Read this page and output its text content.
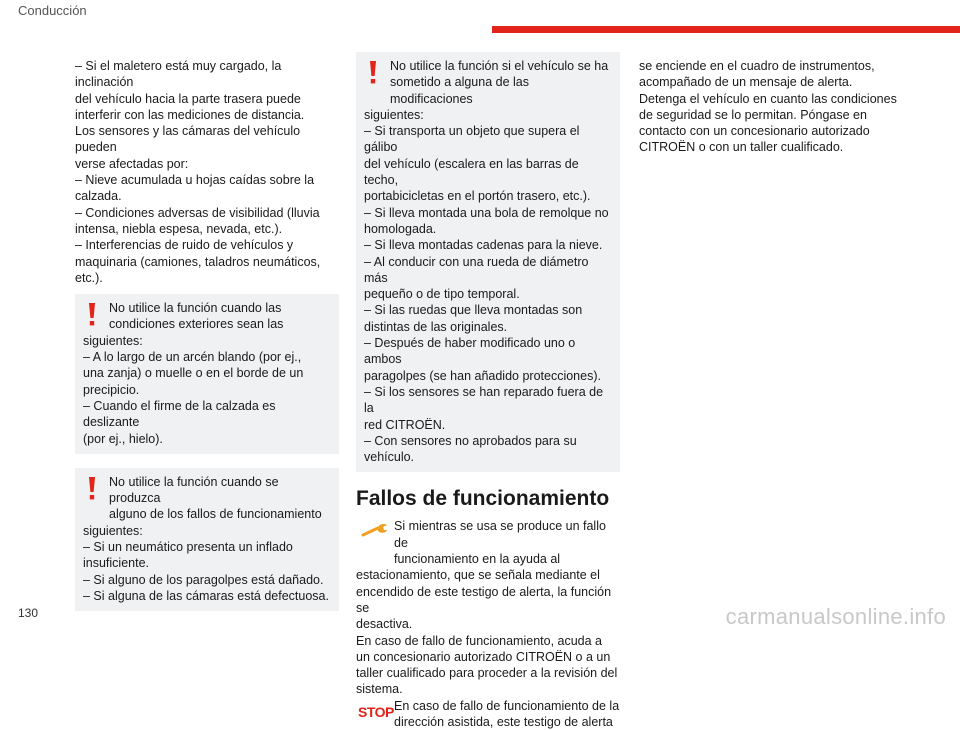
Conducción

– Si el maletero está muy cargado, la inclinación

del vehículo hacia la parte trasera puede

interferir con las mediciones de distancia.

Los sensores y las cámaras del vehículo pueden

verse afectadas por:

– Nieve acumulada u hojas caídas sobre la

calzada.

– Condiciones adversas de visibilidad (lluvia

intensa, niebla espesa, nevada, etc.).

– Interferencias de ruido de vehículos y

maquinaria (camiones, taladros neumáticos,

etc.).

No utilice la función cuando las

condiciones exteriores sean las

siguientes:

– A lo largo de un arcén blando (por ej.,

una zanja) o muelle o en el borde de un

precipicio.

– Cuando el firme de la calzada es deslizante

(por ej., hielo).

No utilice la función cuando se produzca

alguno de los fallos de funcionamiento

siguientes:

– Si un neumático presenta un inflado

insuficiente.

– Si alguno de los paragolpes está dañado.

– Si alguna de las cámaras está defectuosa.

No utilice la función si el vehículo se ha

sometido a alguna de las modificaciones

siguientes:

– Si transporta un objeto que supera el gálibo

del vehículo (escalera en las barras de techo,

portabicicletas en el portón trasero, etc.).

– Si lleva montada una bola de remolque no

homologada.

– Si lleva montadas cadenas para la nieve.

– Al conducir con una rueda de diámetro más

pequeño o de tipo temporal.

– Si las ruedas que lleva montadas son

distintas de las originales.

– Después de haber modificado uno o ambos

paragolpes (se han añadido protecciones).

– Si los sensores se han reparado fuera de la

red CITROËN.

– Con sensores no aprobados para su

vehículo.

Fallos de funcionamiento

Si mientras se usa se produce un fallo de

funcionamiento en la ayuda al

estacionamiento, que se señala mediante el

encendido de este testigo de alerta, la función se

desactiva.

En caso de fallo de funcionamiento, acuda a

un concesionario autorizado CITROËN o a un

taller cualificado para proceder a la revisión del

sistema.

STOP En caso de fallo de funcionamiento de la

dirección asistida, este testigo de alerta

se enciende en el cuadro de instrumentos,

acompañado de un mensaje de alerta.

Detenga el vehículo en cuanto las condiciones

de seguridad se lo permitan. Póngase en

contacto con un concesionario autorizado

CITROËN o con un taller cualificado.

130	carmanualsonline.info
